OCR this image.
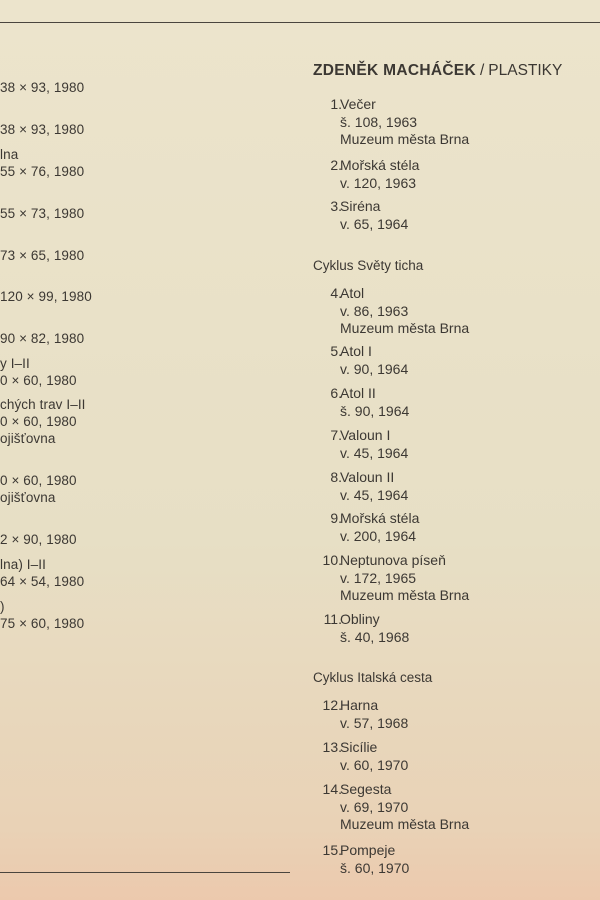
38 × 93, 1980
38 × 93, 1980
lna
55 × 76, 1980
55 × 73, 1980
73 × 65, 1980
120 × 99, 1980
90 × 82, 1980
y I–II
0 × 60, 1980
chých trav I–II
0 × 60, 1980
ojišťovna
0 × 60, 1980
ojišťovna
2 × 90, 1980
lna) I–II
64 × 54, 1980
)
75 × 60, 1980
ZDENĚK MACHÁČEK / PLASTIKY
Cyklus Světy ticha
Cyklus Italská cesta
1.
Večer
š. 108, 1963
Muzeum města Brna
2.
Mořská stéla
v. 120, 1963
3.
Siréna
v. 65, 1964
4.
Atol
v. 86, 1963
Muzeum města Brna
5.
Atol I
v. 90, 1964
6.
Atol II
š. 90, 1964
7.
Valoun I
v. 45, 1964
8.
Valoun II
v. 45, 1964
9.
Mořská stéla
v. 200, 1964
10.
Neptunova píseň
v. 172, 1965
Muzeum města Brna
11.
Obliny
š. 40, 1968
12.
Harna
v. 57, 1968
13.
Sicílie
v. 60, 1970
14.
Segesta
v. 69, 1970
Muzeum města Brna
15.
Pompeje
š. 60, 1970
